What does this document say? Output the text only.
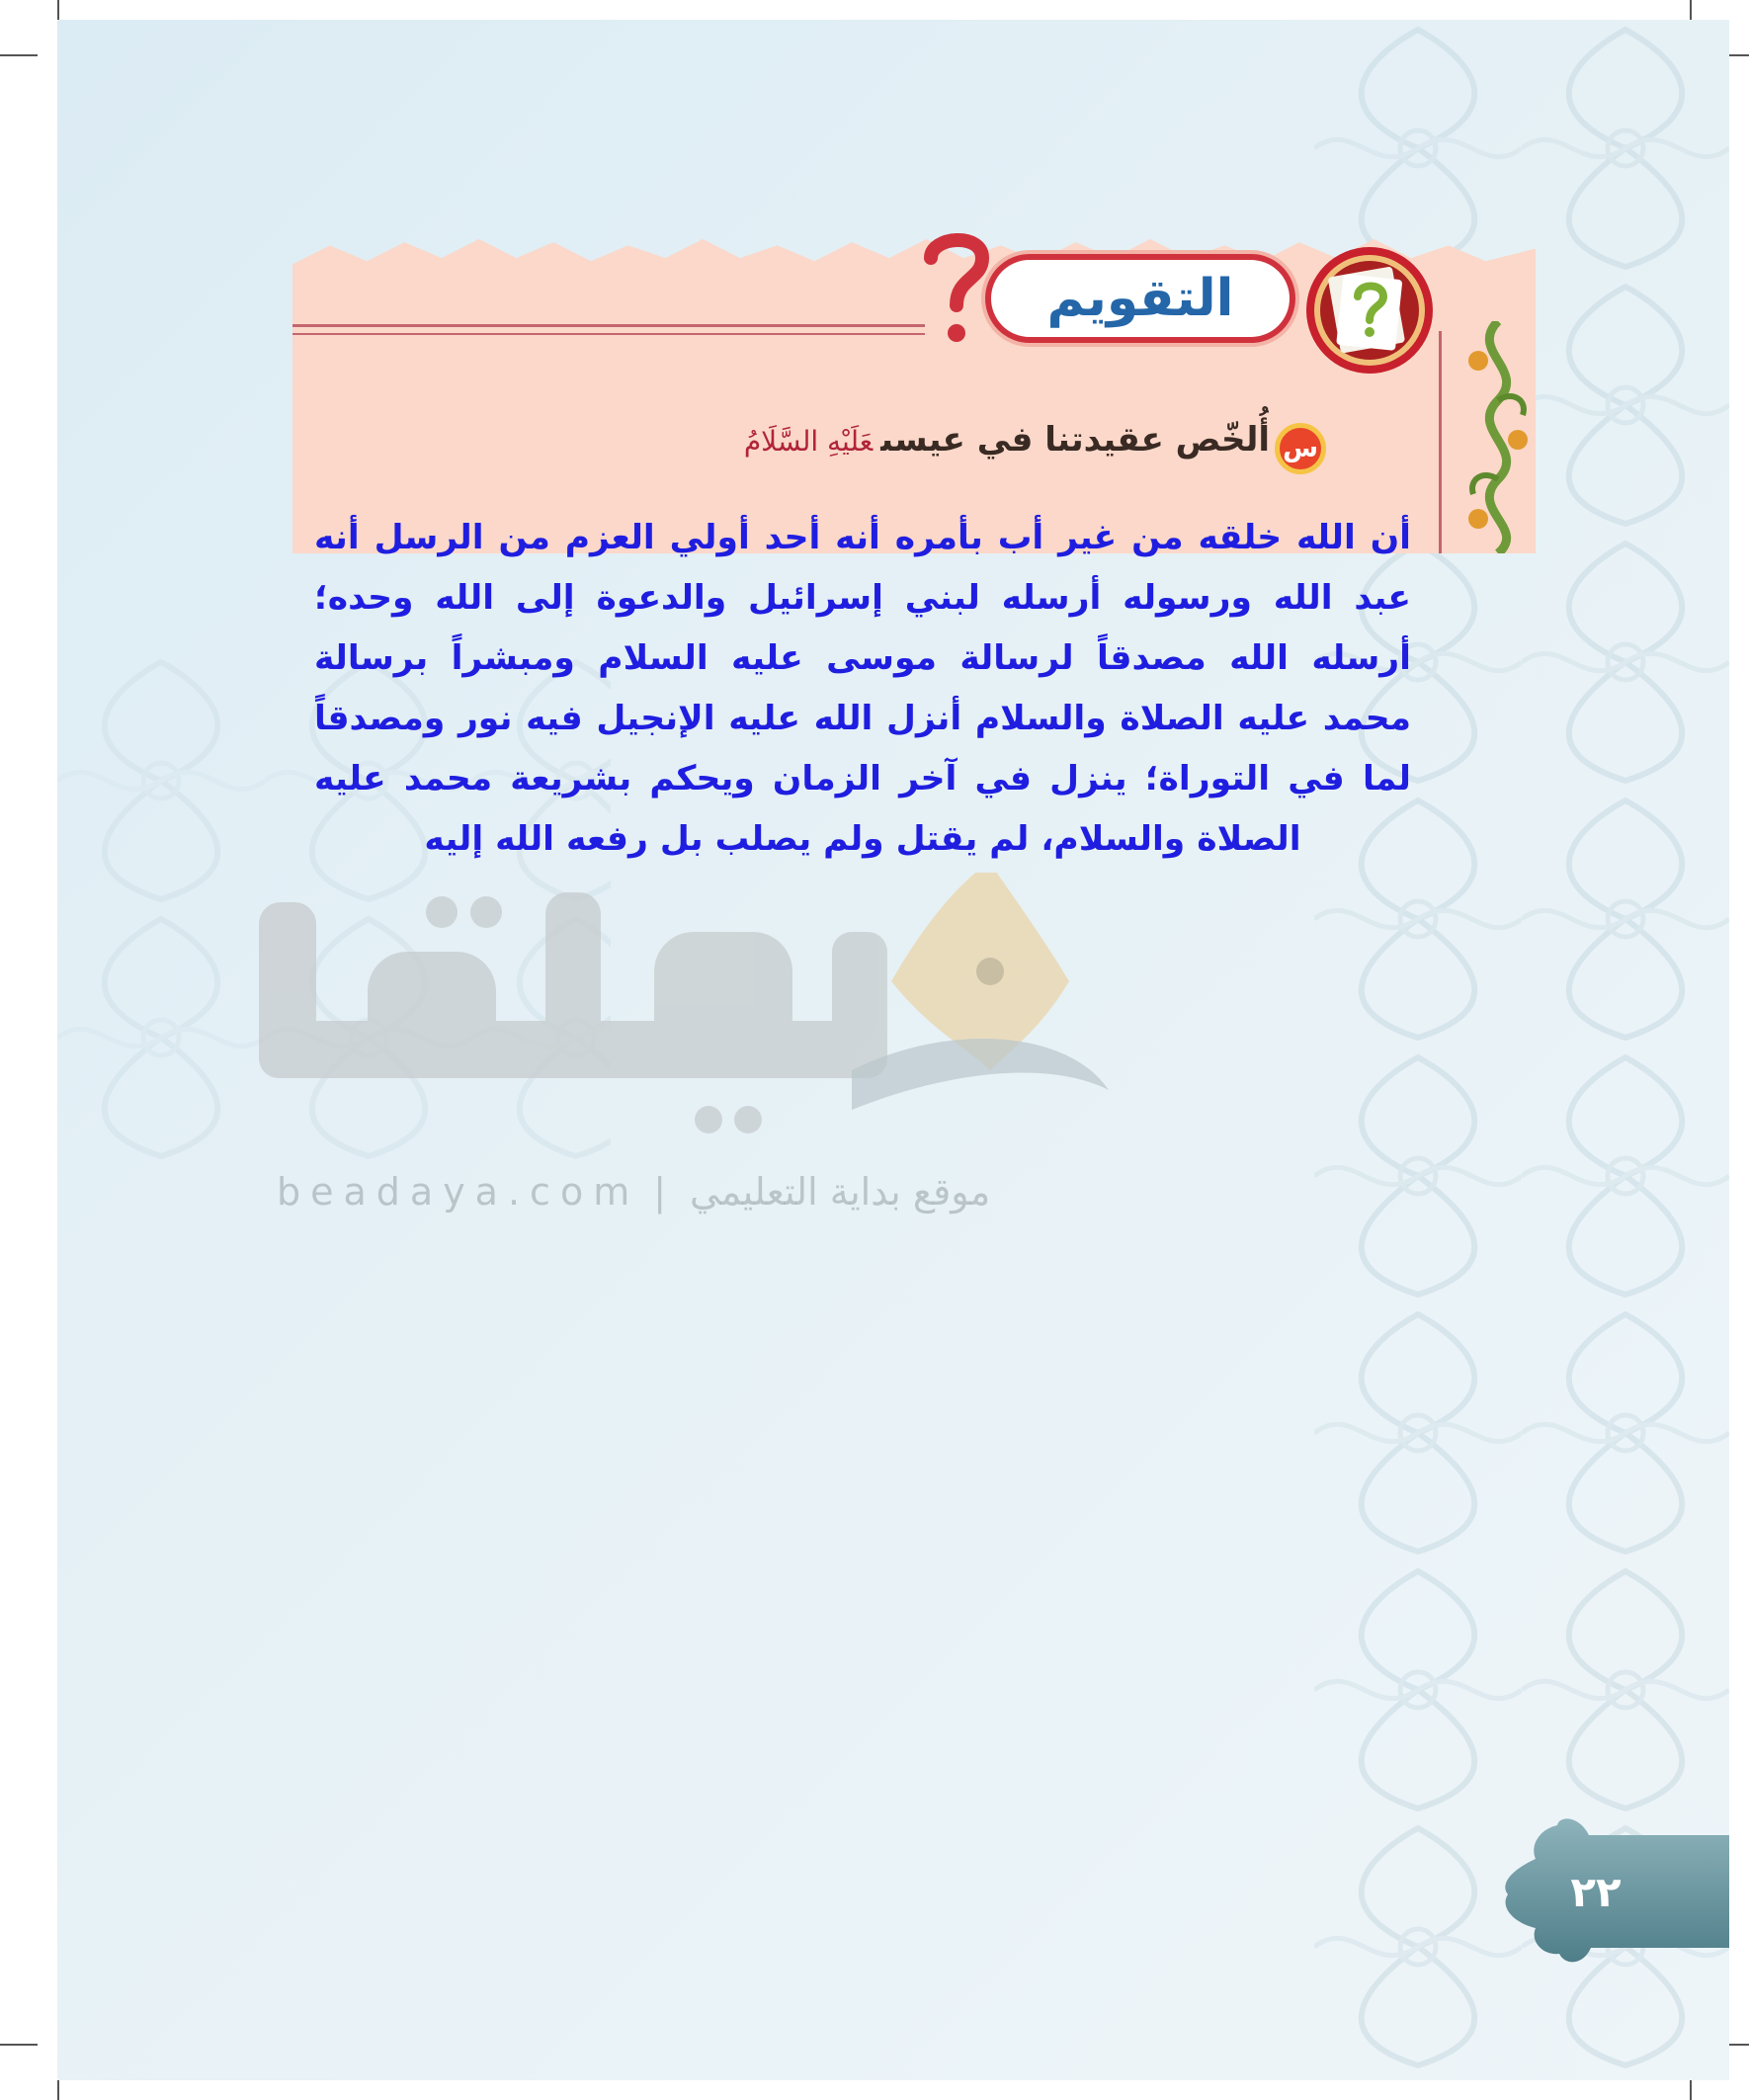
التقويم
س
أُلخّص عقيدتنا في عيسىعَلَيْهِ السَّلَامُ
أن الله خلقه من غير أب بأمره أنه أحد أولي العزم من الرسل أنه عبد الله ورسوله أرسله لبني إسرائيل والدعوة إلى الله وحده؛ أرسله الله مصدقاً لرسالة موسى عليه السلام ومبشراً برسالة محمد عليه الصلاة والسلام أنزل الله عليه الإنجيل فيه نور ومصدقاً لما في التوراة؛ ينزل في آخر الزمان ويحكم بشريعة محمد عليه الصلاة والسلام، لم يقتل ولم يصلب بل رفعه الله إليه
beadaya.com | موقع بداية التعليمي
٢٢
